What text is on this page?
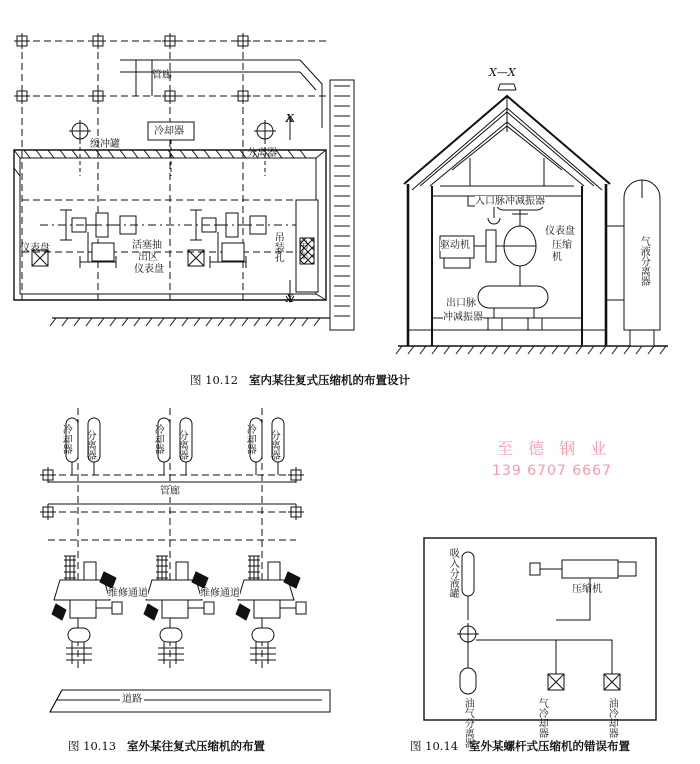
管廊
缓冲罐
冷却器
分离器
仪表盘	活塞抽
出区
仪表盘
吊装孔 吊车
X
X
X—X
入口脉冲减振器
驱动机
仪表盘
压缩
机
出口脉
冲减振器
气液分离器
图 10.12 室内某往复式压缩机的布置设计
冷却器 分离器	冷却器 分离器	冷却器 分离器
管廊
维修通道	维修通道
道路
图 10.13 室外某往复式压缩机的布置
吸入分液罐	压缩机
油气分离器	气冷却器	油冷却器
图 10.14 室外某螺杆式压缩机的错误布置
至 德 钢 业
139 6707 6667
